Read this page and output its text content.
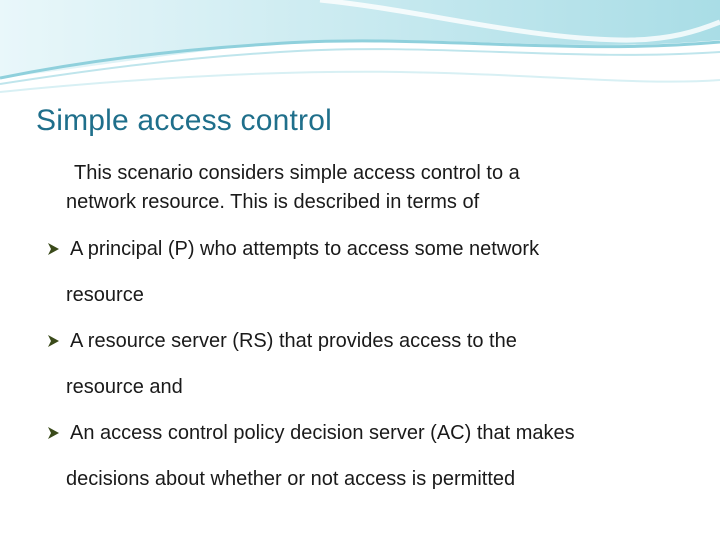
Simple access control
This scenario considers simple access control to a
network resource. This is described in terms of
A principal (P) who attempts to access some network
resource
A resource server (RS) that provides access to the
resource and
An access control policy decision server (AC) that makes
decisions about whether or not access is permitted
